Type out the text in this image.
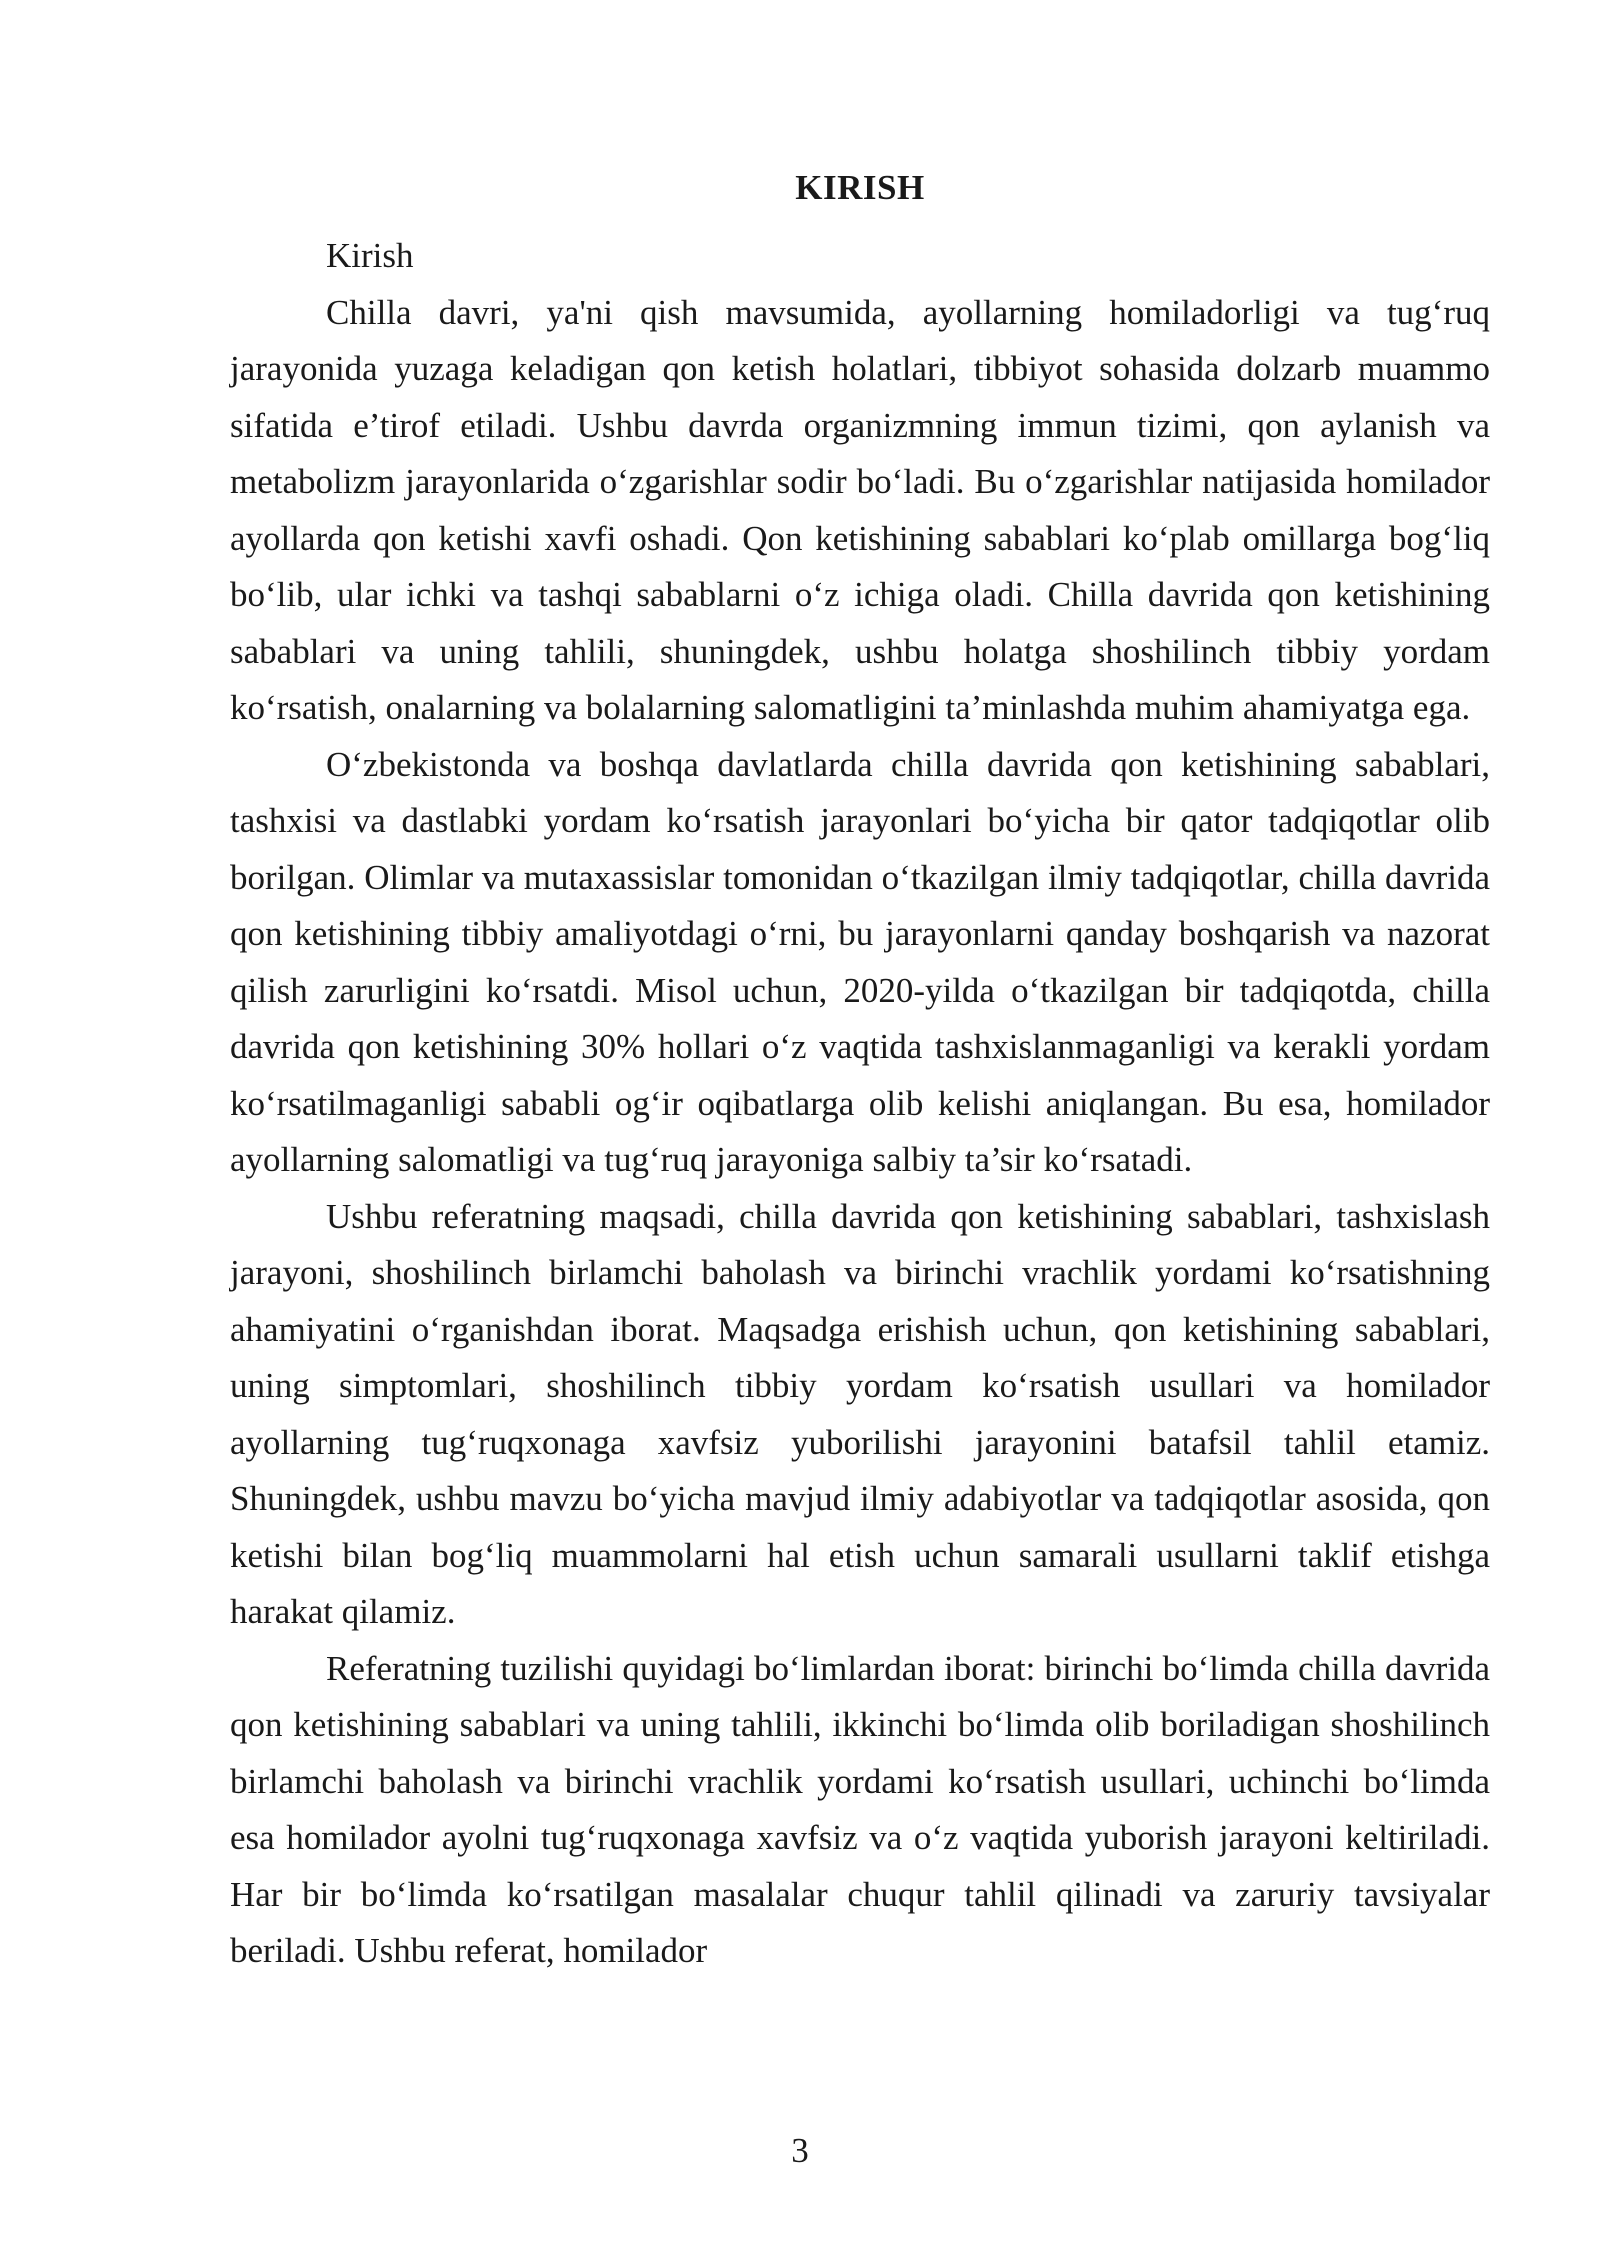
KIRISH

Kirish

Chilla davri, ya'ni qish mavsumida, ayollarning homiladorligi va tug‘ruq jarayonida yuzaga keladigan qon ketish holatlari, tibbiyot sohasida dolzarb muammo sifatida e’tirof etiladi. Ushbu davrda organizmning immun tizimi, qon aylanish va metabolizm jarayonlarida o‘zgarishlar sodir bo‘ladi. Bu o‘zgarishlar natijasida homilador ayollarda qon ketishi xavfi oshadi. Qon ketishining sabablari ko‘plab omillarga bog‘liq bo‘lib, ular ichki va tashqi sabablarni o‘z ichiga oladi. Chilla davrida qon ketishining sabablari va uning tahlili, shuningdek, ushbu holatga shoshilinch tibbiy yordam ko‘rsatish, onalarning va bolalarning salomatligini ta’minlashda muhim ahamiyatga ega.

O‘zbekistonda va boshqa davlatlarda chilla davrida qon ketishining sabablari, tashxisi va dastlabki yordam ko‘rsatish jarayonlari bo‘yicha bir qator tadqiqotlar olib borilgan. Olimlar va mutaxassislar tomonidan o‘tkazilgan ilmiy tadqiqotlar, chilla davrida qon ketishining tibbiy amaliyotdagi o‘rni, bu jarayonlarni qanday boshqarish va nazorat qilish zarurligini ko‘rsatdi. Misol uchun, 2020-yilda o‘tkazilgan bir tadqiqotda, chilla davrida qon ketishining 30% hollari o‘z vaqtida tashxislanmaganligi va kerakli yordam ko‘rsatilmaganligi sababli og‘ir oqibatlarga olib kelishi aniqlangan. Bu esa, homilador ayollarning salomatligi va tug‘ruq jarayoniga salbiy ta’sir ko‘rsatadi.

Ushbu referatning maqsadi, chilla davrida qon ketishining sabablari, tashxislash jarayoni, shoshilinch birlamchi baholash va birinchi vrachlik yordami ko‘rsatishning ahamiyatini o‘rganishdan iborat. Maqsadga erishish uchun, qon ketishining sabablari, uning simptomlari, shoshilinch tibbiy yordam ko‘rsatish usullari va homilador ayollarning tug‘ruqxonaga xavfsiz yuborilishi jarayonini batafsil tahlil etamiz. Shuningdek, ushbu mavzu bo‘yicha mavjud ilmiy adabiyotlar va tadqiqotlar asosida, qon ketishi bilan bog‘liq muammolarni hal etish uchun samarali usullarni taklif etishga harakat qilamiz.

Referatning tuzilishi quyidagi bo‘limlardan iborat: birinchi bo‘limda chilla davrida qon ketishining sabablari va uning tahlili, ikkinchi bo‘limda olib boriladigan shoshilinch birlamchi baholash va birinchi vrachlik yordami ko‘rsatish usullari, uchinchi bo‘limda esa homilador ayolni tug‘ruqxonaga xavfsiz va o‘z vaqtida yuborish jarayoni keltiriladi. Har bir bo‘limda ko‘rsatilgan masalalar chuqur tahlil qilinadi va zaruriy tavsiyalar beriladi. Ushbu referat, homilador

3
